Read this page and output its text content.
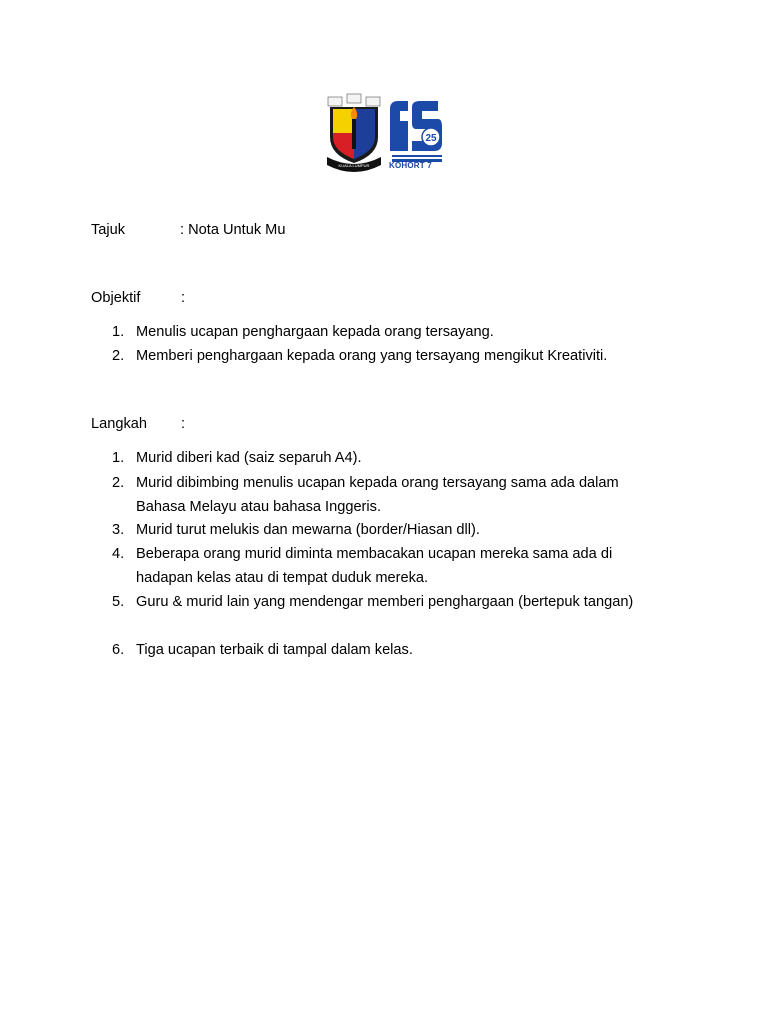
KUALA LUMPUR
25
KOHORT 7
Tajuk	: Nota Untuk Mu
Objektif	:
1. Menulis ucapan penghargaan kepada orang tersayang.
2. Memberi penghargaan kepada orang yang tersayang mengikut Kreativiti.
Langkah :
1. Murid diberi kad (saiz separuh A4).
2. Murid dibimbing menulis ucapan kepada orang tersayang sama ada dalam Bahasa Melayu atau bahasa Inggeris.
3. Murid turut melukis dan mewarna (border/Hiasan dll).
4. Beberapa orang murid diminta membacakan ucapan mereka sama ada di hadapan kelas atau di tempat duduk mereka.
5. Guru & murid lain yang mendengar memberi penghargaan (bertepuk tangan)
6. Tiga ucapan terbaik di tampal dalam kelas.
